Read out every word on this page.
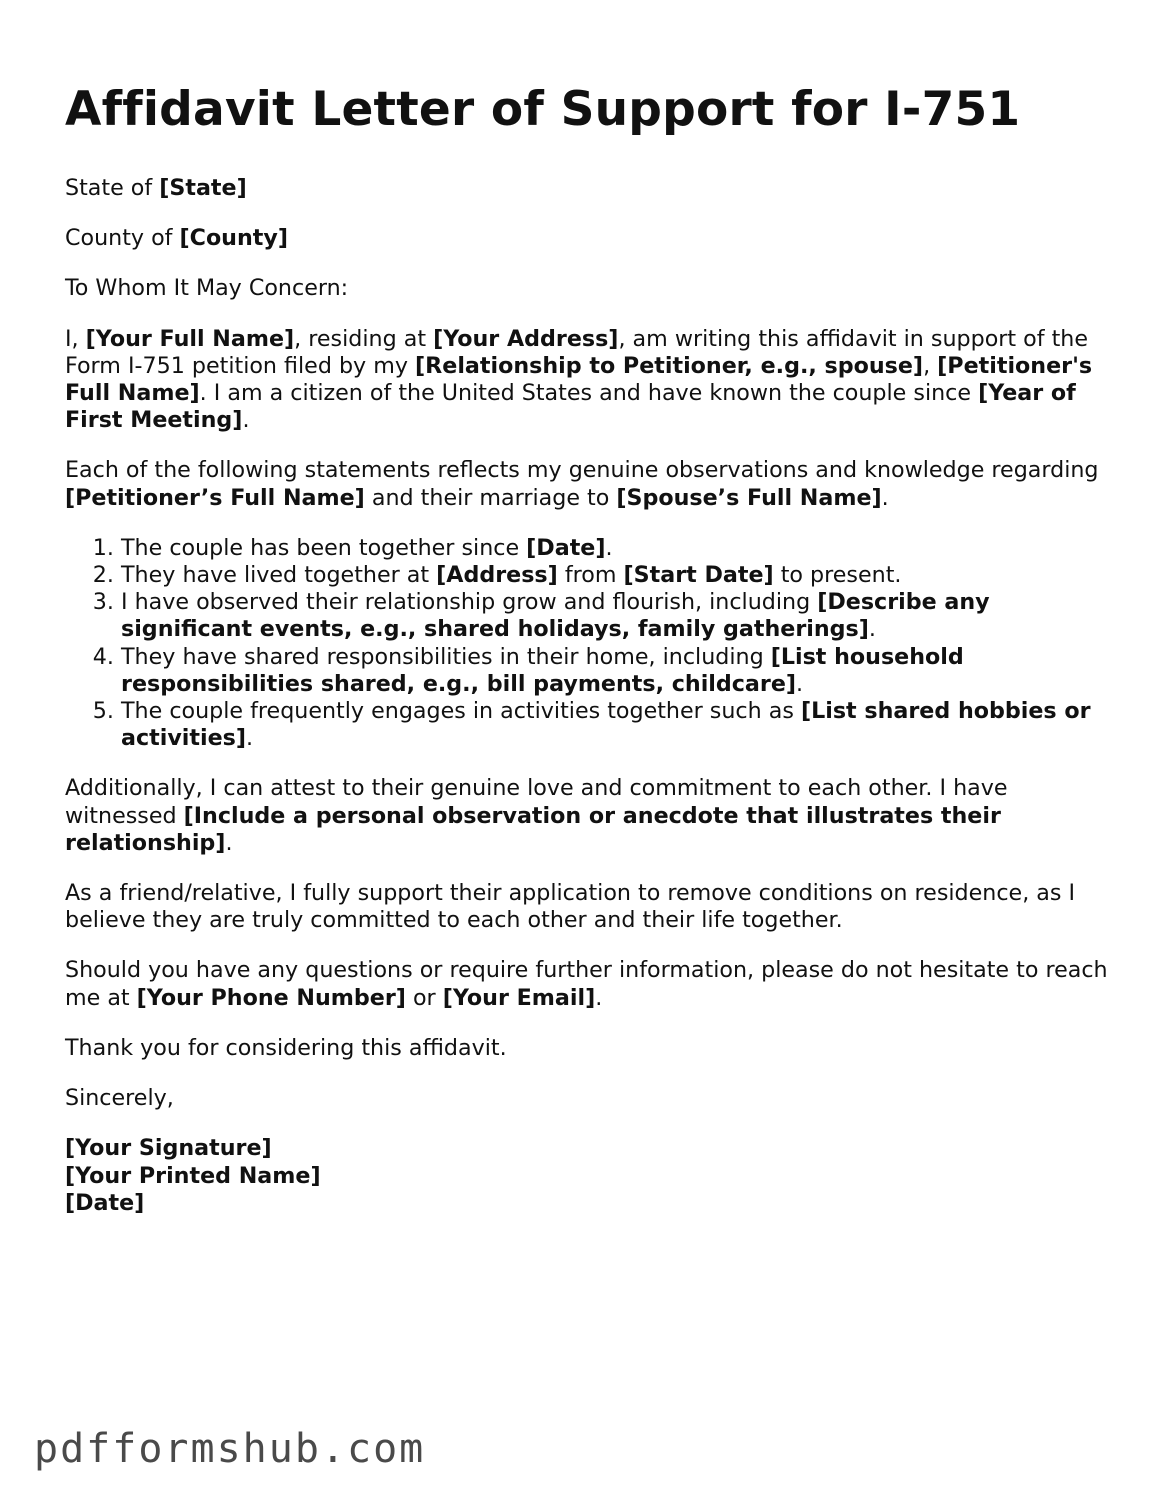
Affidavit Letter of Support for I-751

State of [State]

County of [County]

To Whom It May Concern:

I, [Your Full Name], residing at [Your Address], am writing this affidavit in support of the Form I-751 petition filed by my [Relationship to Petitioner, e.g., spouse], [Petitioner's Full Name]. I am a citizen of the United States and have known the couple since [Year of First Meeting].

Each of the following statements reflects my genuine observations and knowledge regarding [Petitioner’s Full Name] and their marriage to [Spouse’s Full Name].

1. The couple has been together since [Date].
2. They have lived together at [Address] from [Start Date] to present.
3. I have observed their relationship grow and flourish, including [Describe any significant events, e.g., shared holidays, family gatherings].
4. They have shared responsibilities in their home, including [List household responsibilities shared, e.g., bill payments, childcare].
5. The couple frequently engages in activities together such as [List shared hobbies or activities].

Additionally, I can attest to their genuine love and commitment to each other. I have witnessed [Include a personal observation or anecdote that illustrates their relationship].

As a friend/relative, I fully support their application to remove conditions on residence, as I believe they are truly committed to each other and their life together.

Should you have any questions or require further information, please do not hesitate to reach me at [Your Phone Number] or [Your Email].

Thank you for considering this affidavit.

Sincerely,

[Your Signature]
[Your Printed Name]
[Date]
pdfformshub.com
